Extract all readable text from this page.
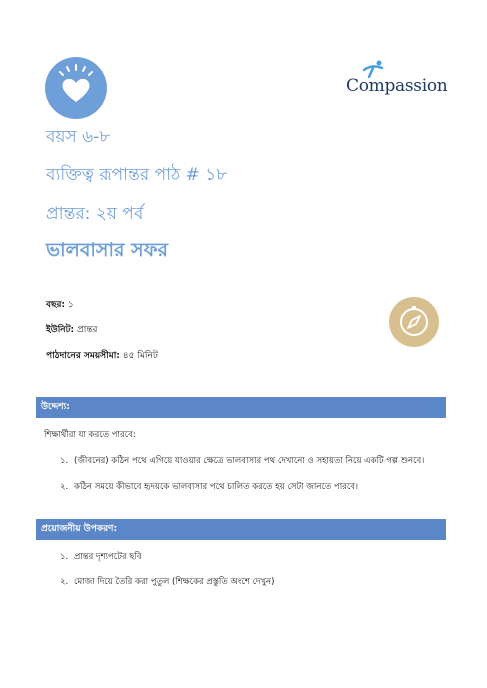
Compassion
বয়স ৬-৮
ব্যক্তিত্ব রূপান্তর পাঠ # ১৮
প্রান্তর: ২য় পর্ব
ভালবাসার সফর
বছর: ১
ইউনিট: প্রান্তর
পাঠদানের সময়সীমা: ৪৫ মিনিট
উদ্দেশ্য:
শিক্ষার্থীরা যা করতে পারবে:
১. (জীবনের) কঠিন পথে এগিয়ে যাওয়ার ক্ষেত্রে ভালবাসার পথ দেখানো ও সহায়তা নিয়ে একটি গল্প শুনবে।
২. কঠিন সময়ে কীভাবে হৃদয়কে ভালবাসার পথে চালিত করতে হয় সেটা জানতে পারবে।
প্রয়োজনীয় উপকরণ:
১. প্রান্তর দৃশ্যপটের ছবি
২. মোজা দিয়ে তৈরি করা পুতুল (শিক্ষকের প্রস্তুতি অংশে দেখুন)
